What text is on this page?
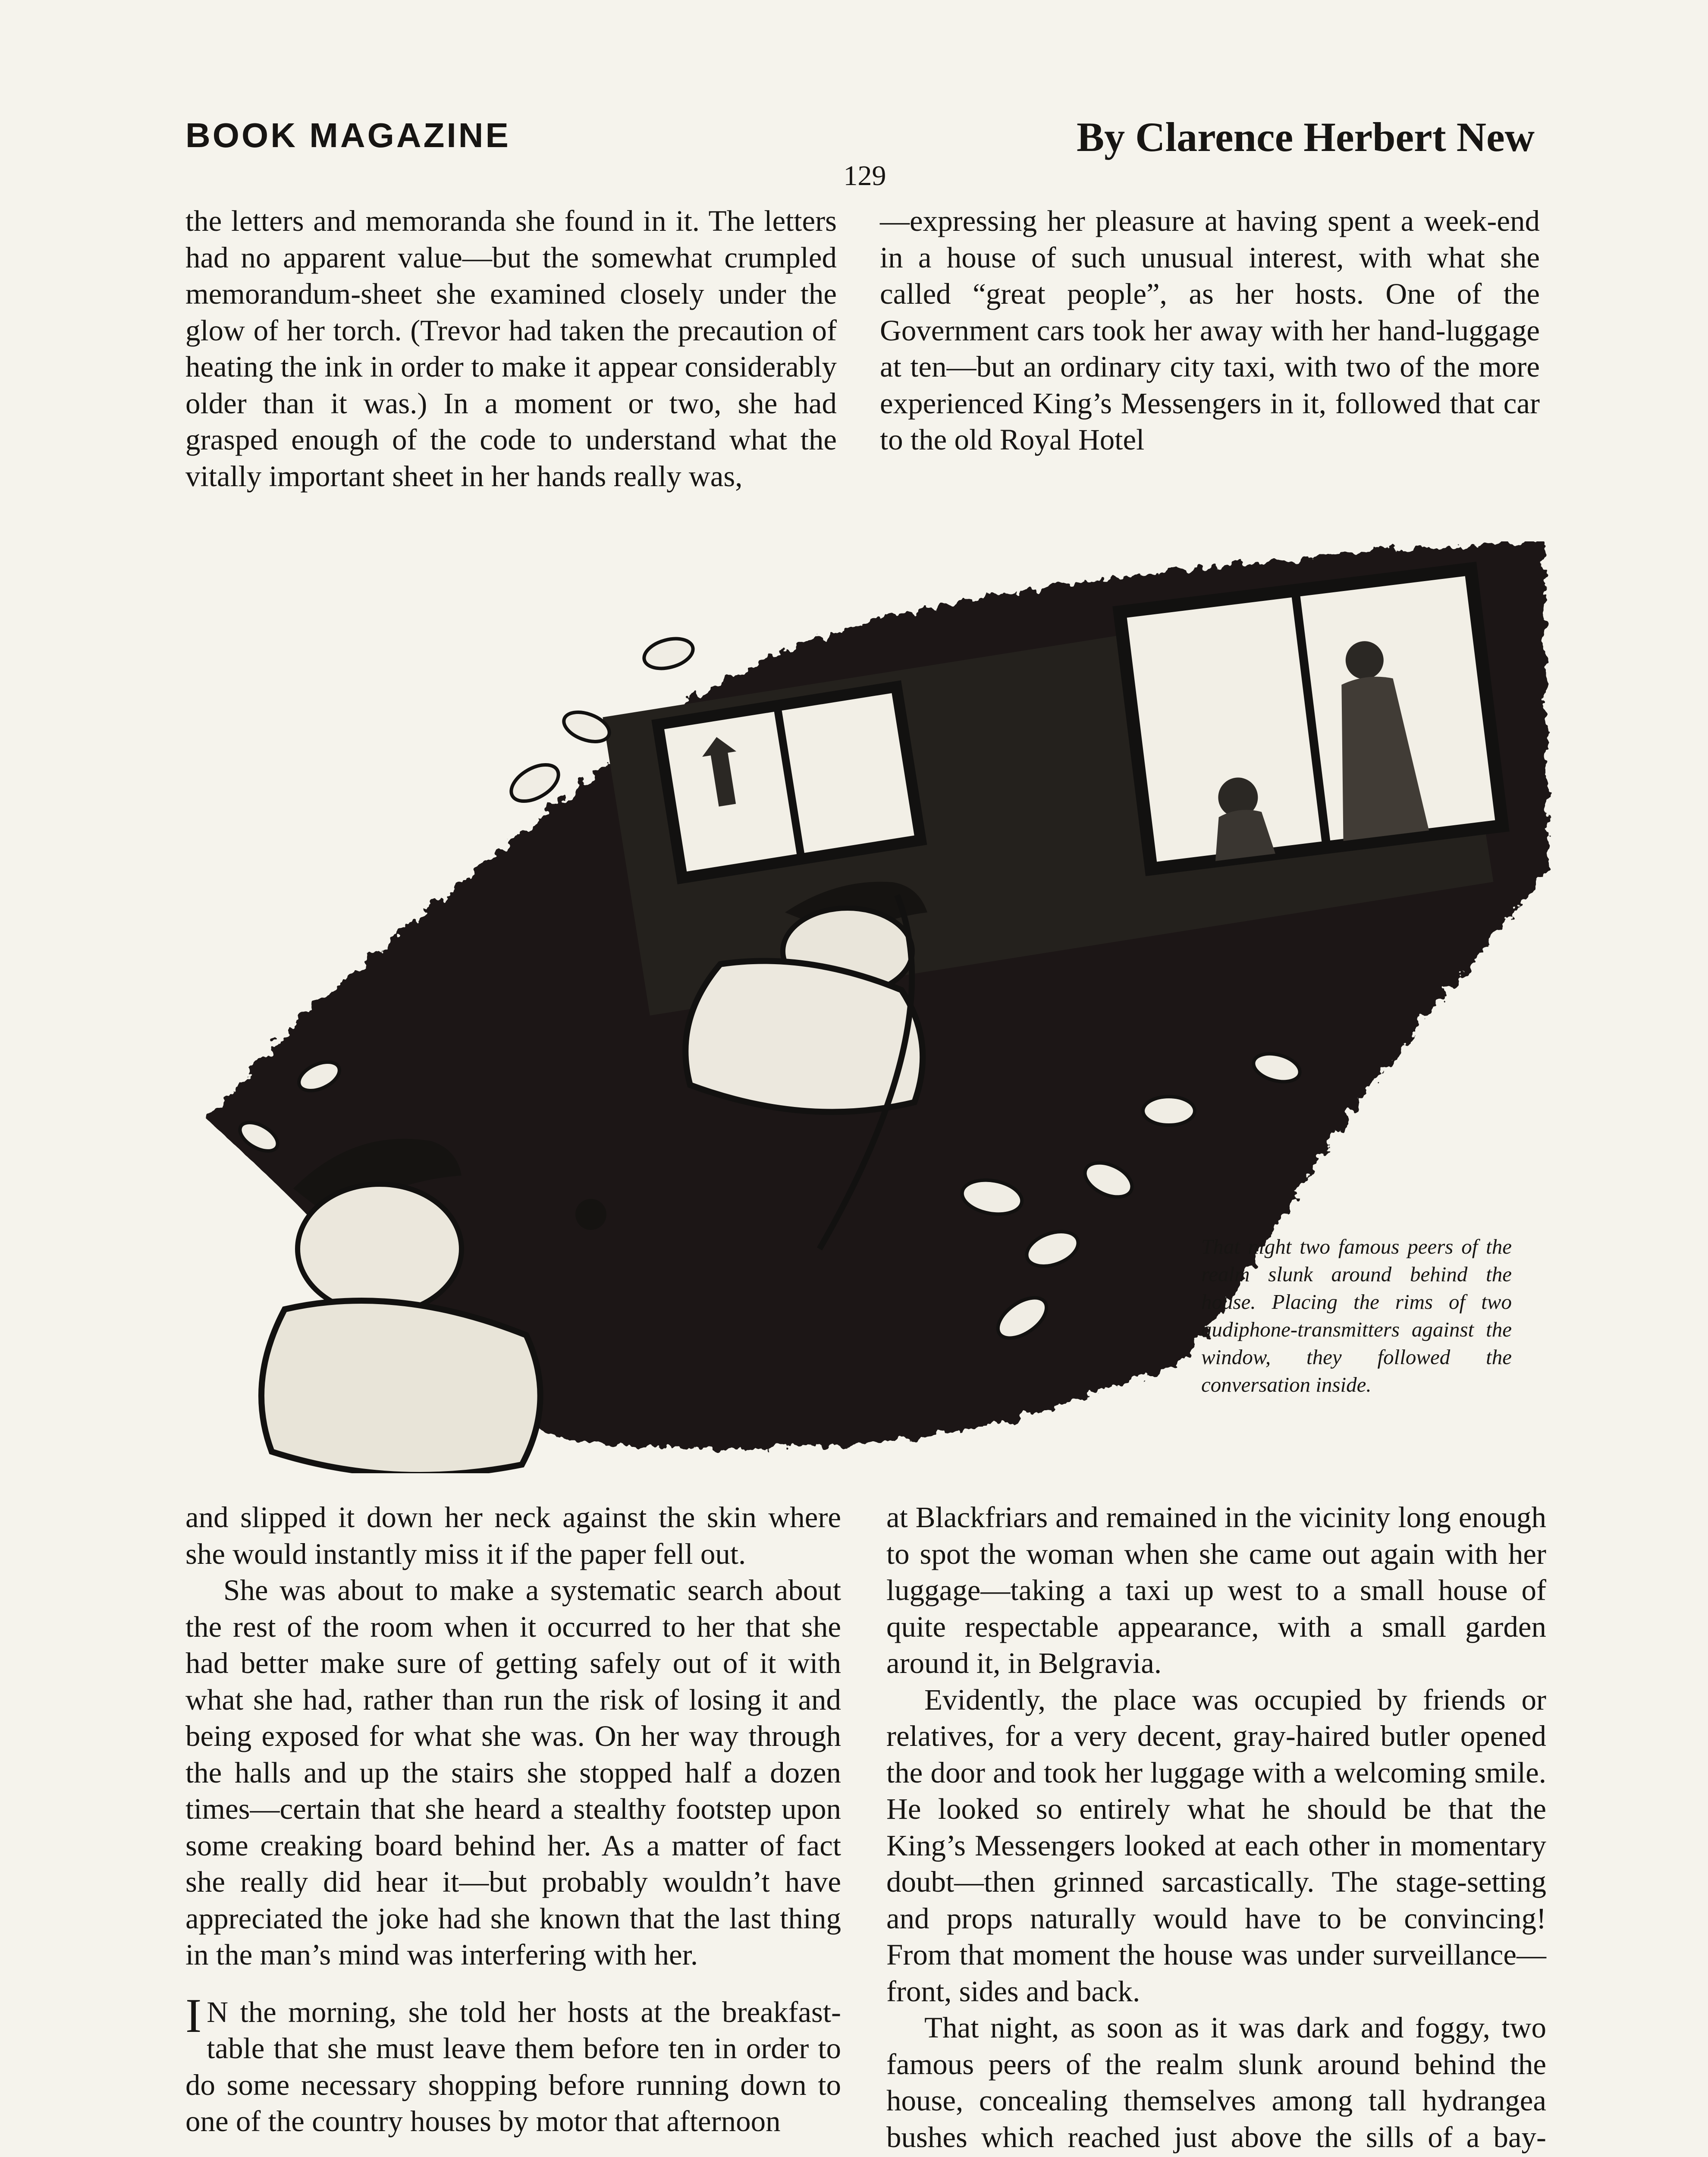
BOOK MAGAZINE	By Clarence Herbert New
129

the letters and memoranda she found in it. The letters had no apparent value—but the somewhat crumpled memorandum-sheet she examined closely under the glow of her torch. (Trevor had taken the precaution of heating the ink in order to make it appear considerably older than it was.) In a moment or two, she had grasped enough of the code to understand what the vitally important sheet in her hands really was,

—expressing her pleasure at having spent a week-end in a house of such unusual interest, with what she called “great people”, as her hosts. One of the Government cars took her away with her hand-luggage at ten—but an ordinary city taxi, with two of the more experienced King’s Messengers in it, followed that car to the old Royal Hotel

That night two famous peers of the realm slunk around behind the house. Placing the rims of two audiphone-transmitters against the window, they followed the conversation inside.

and slipped it down her neck against the skin where she would instantly miss it if the paper fell out.

She was about to make a systematic search about the rest of the room when it occurred to her that she had better make sure of getting safely out of it with what she had, rather than run the risk of losing it and being exposed for what she was. On her way through the halls and up the stairs she stopped half a dozen times—certain that she heard a stealthy footstep upon some creaking board behind her. As a matter of fact she really did hear it—but probably wouldn’t have appreciated the joke had she known that the last thing in the man’s mind was interfering with her.

I N the morning, she told her hosts at the breakfast-table that she must leave them before ten in order to do some necessary shopping before running down to one of the country houses by motor that afternoon

at Blackfriars and remained in the vicinity long enough to spot the woman when she came out again with her luggage—taking a taxi up west to a small house of quite respectable appearance, with a small garden around it, in Belgravia.

Evidently, the place was occupied by friends or relatives, for a very decent, gray-haired butler opened the door and took her luggage with a welcoming smile. He looked so entirely what he should be that the King’s Messengers looked at each other in momentary doubt—then grinned sarcastically. The stage-setting and props naturally would have to be convincing! From that moment the house was under surveillance—front, sides and back.

That night, as soon as it was dark and foggy, two famous peers of the realm slunk around behind the house, concealing themselves among tall hydrangea bushes which reached just above the sills of a bay-
